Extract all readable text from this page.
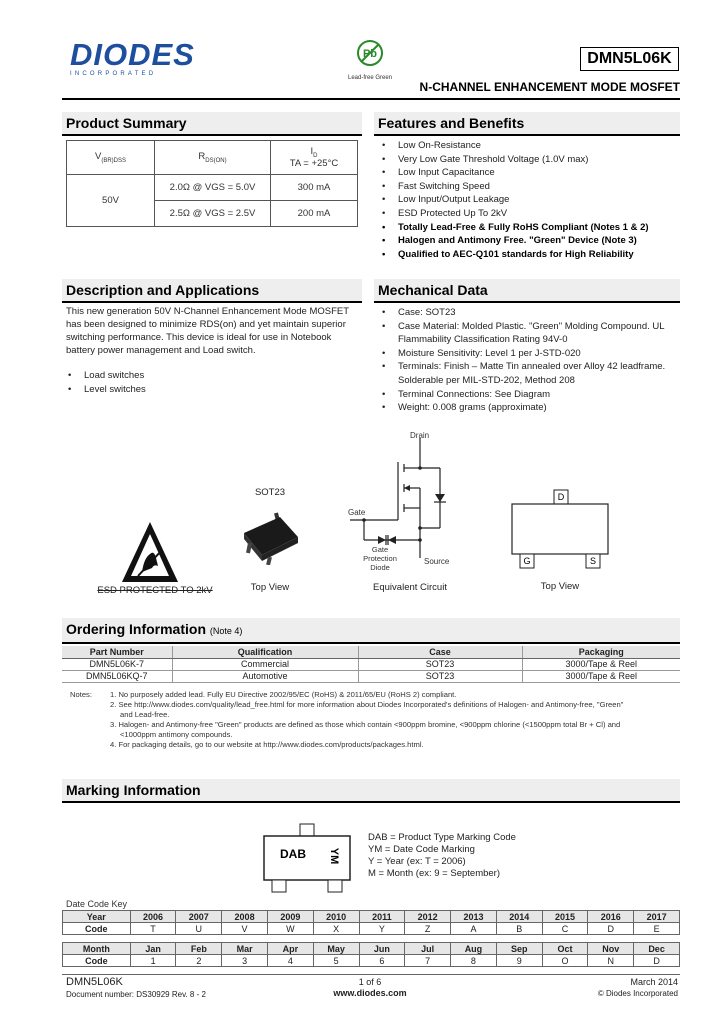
DIODES
INCORPORATED
Pb
Lead-free Green
DMN5L06K
N-CHANNEL ENHANCEMENT MODE MOSFET
Product Summary
$V_{(BR)DSS}$	$R_{DS(ON)}$	$I_D$
TA = +25°C
50V	2.0Ω @ VGS = 5.0V	300 mA
	2.5Ω @ VGS = 2.5V	200 mA
Features and Benefits
• Low On-Resistance
• Very Low Gate Threshold Voltage (1.0V max)
• Low Input Capacitance
• Fast Switching Speed
• Low Input/Output Leakage
• ESD Protected Up To 2kV
• Totally Lead-Free & Fully RoHS Compliant (Notes 1 & 2)
• Halogen and Antimony Free. "Green" Device (Note 3)
• Qualified to AEC-Q101 standards for High Reliability
Description and Applications
This new generation 50V N-Channel Enhancement Mode MOSFET has been designed to minimize RDS(on) and yet maintain superior switching performance. This device is ideal for use in Notebook battery power management and Load switch.
• Load switches
• Level switches
Mechanical Data
• Case: SOT23
• Case Material: Molded Plastic. "Green" Molding Compound. UL Flammability Classification Rating 94V-0
• Moisture Sensitivity: Level 1 per J-STD-020
• Terminals: Finish – Matte Tin annealed over Alloy 42 leadframe. Solderable per MIL-STD-202, Method 208
• Terminal Connections: See Diagram
• Weight: 0.008 grams (approximate)
SOT23
ESD PROTECTED TO 2kV	Top View
Drain
Gate
Source
Gate
Protection
Diode
Equivalent Circuit
D
G	S
Top View
Ordering Information (Note 4)
Part Number	Qualification	Case	Packaging
DMN5L06K-7	Commercial	SOT23	3000/Tape & Reel
DMN5L06KQ-7	Automotive	SOT23	3000/Tape & Reel
Notes: 1. No purposely added lead. Fully EU Directive 2002/95/EC (RoHS) & 2011/65/EU (RoHS 2) compliant.
2. See http://www.diodes.com/quality/lead_free.html for more information about Diodes Incorporated's definitions of Halogen- and Antimony-free, "Green"
and Lead-free.
3. Halogen- and Antimony-free "Green" products are defined as those which contain <900ppm bromine, <900ppm chlorine (<1500ppm total Br + Cl) and
<1000ppm antimony compounds.
4. For packaging details, go to our website at http://www.diodes.com/products/packages.html.
Marking Information
DAB YM
DAB = Product Type Marking Code
YM = Date Code Marking
Y = Year (ex: T = 2006)
M = Month (ex: 9 = September)
Date Code Key
Year	2006	2007	2008	2009	2010	2011	2012	2013	2014	2015	2016	2017
Code	T	U	V	W	X	Y	Z	A	B	C	D	E
Month	Jan	Feb	Mar	Apr	May	Jun	Jul	Aug	Sep	Oct	Nov	Dec
Code	1	2	3	4	5	6	7	8	9	O	N	D
DMN5L06K
Document number: DS30929 Rev. 8 - 2
1 of 6
www.diodes.com
March 2014
© Diodes Incorporated
